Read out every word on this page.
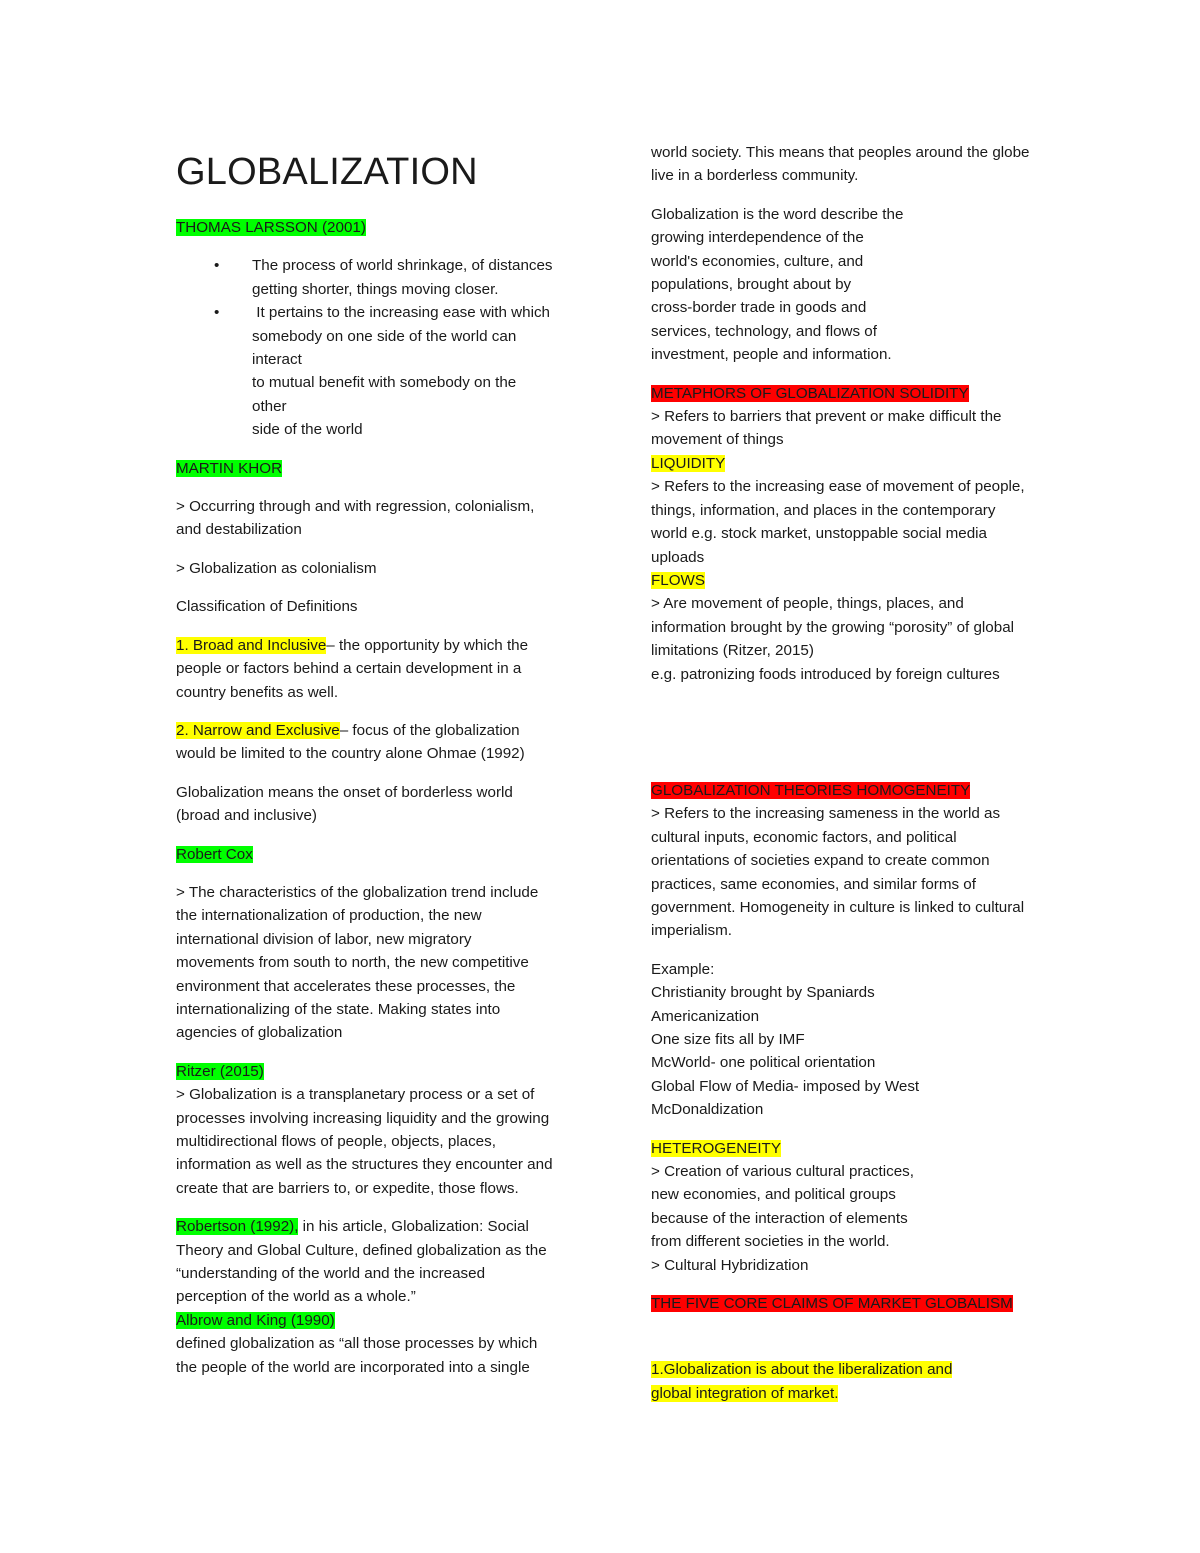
GLOBALIZATION

THOMAS LARSSON (2001)

• The process of world shrinkage, of distances
getting shorter, things moving closer.
•  It pertains to the increasing ease with which
somebody on one side of the world can
interact
to mutual benefit with somebody on the
other
side of the world

MARTIN KHOR

> Occurring through and with regression, colonialism,
and destabilization

> Globalization as colonialism

Classification of Definitions

1. Broad and Inclusive– the opportunity by which the
people or factors behind a certain development in a
country benefits as well.

2. Narrow and Exclusive– focus of the globalization
would be limited to the country alone Ohmae (1992)

Globalization means the onset of borderless world
(broad and inclusive)

Robert Cox

> The characteristics of the globalization trend include
the internationalization of production, the new
international division of labor, new migratory
movements from south to north, the new competitive
environment that accelerates these processes, the
internationalizing of the state. Making states into
agencies of globalization

Ritzer (2015)
> Globalization is a transplanetary process or a set of
processes involving increasing liquidity and the growing
multidirectional flows of people, objects, places,
information as well as the structures they encounter and
create that are barriers to, or expedite, those flows.

Robertson (1992), in his article, Globalization: Social
Theory and Global Culture, defined globalization as the
“understanding of the world and the increased
perception of the world as a whole.”
Albrow and King (1990)
defined globalization as “all those processes by which
the people of the world are incorporated into a single

world society. This means that peoples around the globe
live in a borderless community.

Globalization is the word describe the
growing interdependence of the
world's economies, culture, and
populations, brought about by
cross-border trade in goods and
services, technology, and flows of
investment, people and information.

METAPHORS OF GLOBALIZATION SOLIDITY
> Refers to barriers that prevent or make difficult the
movement of things
LIQUIDITY
> Refers to the increasing ease of movement of people,
things, information, and places in the contemporary
world e.g. stock market, unstoppable social media
uploads
FLOWS
> Are movement of people, things, places, and
information brought by the growing “porosity” of global
limitations (Ritzer, 2015)
e.g. patronizing foods introduced by foreign cultures

GLOBALIZATION THEORIES HOMOGENEITY
> Refers to the increasing sameness in the world as
cultural inputs, economic factors, and political
orientations of societies expand to create common
practices, same economies, and similar forms of
government. Homogeneity in culture is linked to cultural
imperialism.

Example:
Christianity brought by Spaniards
Americanization
One size fits all by IMF
McWorld- one political orientation
Global Flow of Media- imposed by West
McDonaldization

HETEROGENEITY
> Creation of various cultural practices,
new economies, and political groups
because of the interaction of elements
from different societies in the world.
> Cultural Hybridization

THE FIVE CORE CLAIMS OF MARKET GLOBALISM

1.Globalization is about the liberalization and
global integration of market.
